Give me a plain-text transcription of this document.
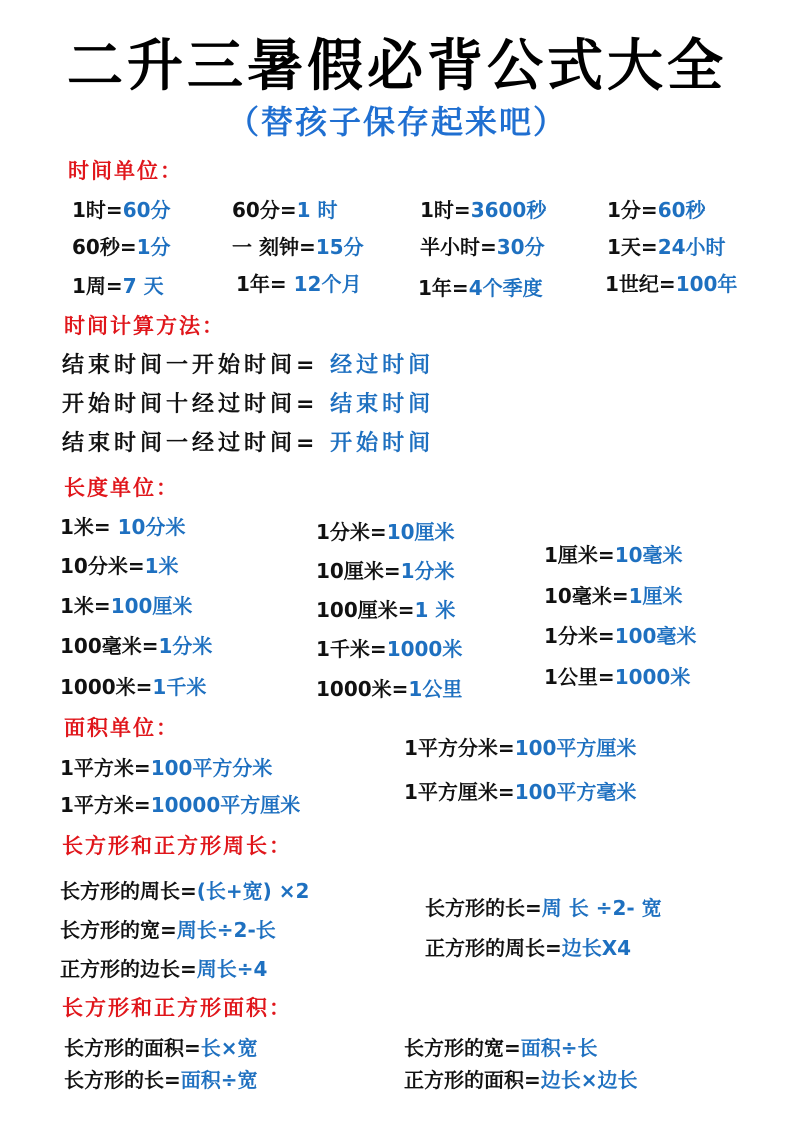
二升三暑假必背公式大全
（替孩子保存起来吧）
时间单位：
1时=60分	60分=1 时	1时=3600秒	1分=60秒
60秒=1分	一 刻钟=15分	半小时=30分	1天=24小时
1周=7 天	1年= 12个月	1年=4个季度	1世纪=100年
时间计算方法：
结束时间一开始时间= 经过时间
开始时间十经过时间= 结束时间
结束时间一经过时间= 开始时间
长度单位：
1米= 10分米
10分米=1米
1米=100厘米
100毫米=1分米
1000米=1千米
1分米=10厘米
10厘米=1分米
100厘米=1 米
1千米=1000米
1000米=1公里
1厘米=10毫米
10毫米=1厘米
1分米=100毫米
1公里=1000米
面积单位：
1平方米=100平方分米
1平方米=10000平方厘米
1平方分米=100平方厘米
1平方厘米=100平方毫米
长方形和正方形周长：
长方形的周长=(长+宽) ×2
长方形的宽=周长÷2-长
正方形的边长=周长÷4
长方形的长=周 长 ÷2- 宽
正方形的周长=边长X4
长方形和正方形面积：
长方形的面积=长×宽
长方形的长=面积÷宽
长方形的宽=面积÷长
正方形的面积=边长×边长
